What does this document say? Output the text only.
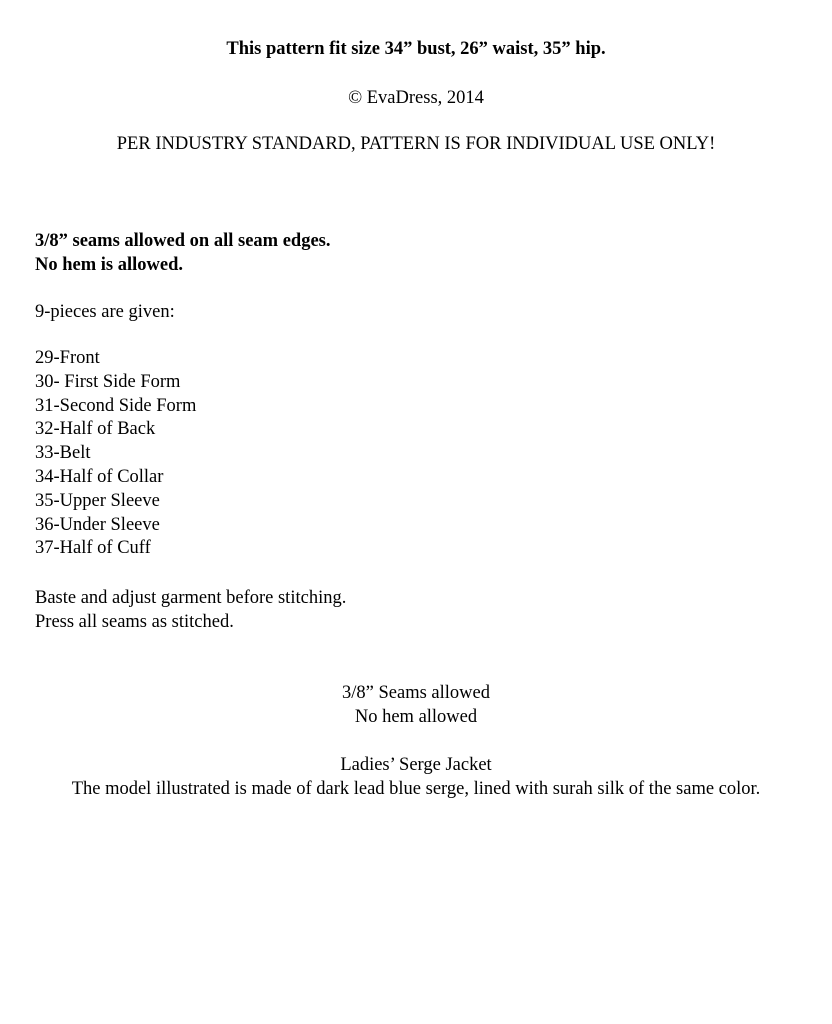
This pattern fit size 34” bust, 26” waist, 35” hip.
© EvaDress, 2014
PER INDUSTRY STANDARD, PATTERN IS FOR INDIVIDUAL USE ONLY!
3/8” seams allowed on all seam edges.
No hem is allowed.
9-pieces are given:
29-Front
30- First Side Form
31-Second Side Form
32-Half of Back
33-Belt
34-Half of Collar
35-Upper Sleeve
36-Under Sleeve
37-Half of Cuff
Baste and adjust garment before stitching.
Press all seams as stitched.
3/8” Seams allowed
No hem allowed
Ladies’ Serge Jacket
The model illustrated is made of dark lead blue serge, lined with surah silk of the same color.
